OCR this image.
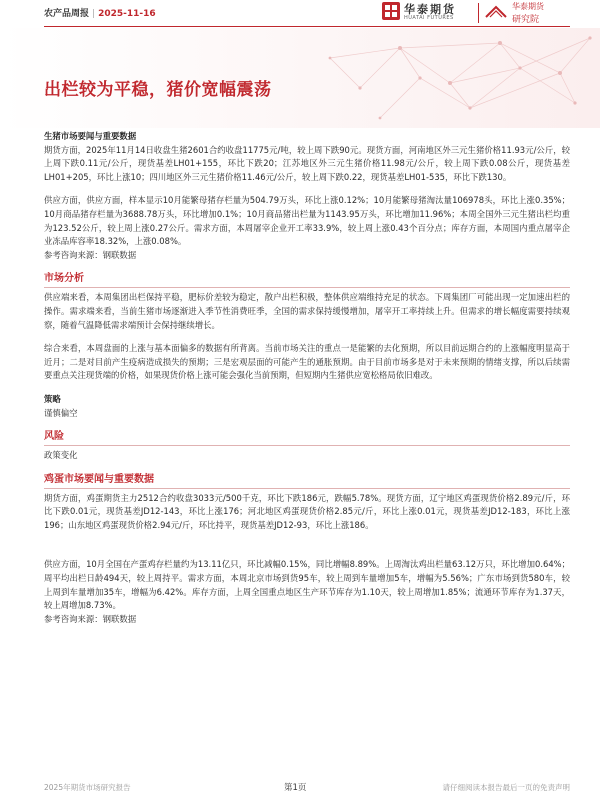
农产品周报 | 2025-11-16	华泰期货
HUATAI FUTURES
华泰期货
研究院
出栏较为平稳，猪价宽幅震荡

生猪市场要闻与重要数据

期货方面，2025年11月14日收盘生猪2601合约收盘11775元/吨，较上周下跌90元。现货方面，河南地区外三元生猪价格11.93元/公斤，较上周下跌0.11元/公斤，现货基差LH01+155，环比下跌20；江苏地区外三元生猪价格11.98元/公斤，较上周下跌0.08公斤，现货基差LH01+205，环比上涨10；四川地区外三元生猪价格11.46元/公斤，较上周下跌0.22，现货基差LH01-535，环比下跌130。

供应方面，供应方面，样本显示10月能繁母猪存栏量为504.79万头，环比上涨0.12%；10月能繁母猪淘汰量106978头，环比上涨0.35%；10月商品猪存栏量为3688.78万头，环比增加0.1%；10月商品猪出栏量为1143.95万头，环比增加11.96%；本周全国外三元生猪出栏均重为123.52公斤，较上周上涨0.27公斤。需求方面，本周屠宰企业开工率33.9%，较上周上涨0.43个百分点；库存方面，本周国内重点屠宰企业冻品库容率18.32%，上涨0.08%。

参考咨询来源：钢联数据

市场分析

供应端来看，本周集团出栏保持平稳，肥标价差较为稳定，散户出栏积极，整体供应端维持充足的状态。下周集团厂可能出现一定加速出栏的操作。需求端来看，当前生猪市场逐渐进入季节性消费旺季，全国的需求保持缓慢增加，屠宰开工率持续上升。但需求的增长幅度需要持续观察，随着气温降低需求端预计会保持继续增长。

综合来看，本周盘面的上涨与基本面偏多的数据有所背离。当前市场关注的重点一是能繁的去化预期，所以目前远期合约的上涨幅度明显高于近月；二是对目前产生疫病造成损失的预期；三是宏观层面的可能产生的通胀预期。由于目前市场多是对于未来预期的情绪支撑，所以后续需要重点关注现货端的价格，如果现货价格上涨可能会强化当前预期，但短期内生猪供应宽松格局依旧难改。

策略

谨慎偏空

风险

政策变化

鸡蛋市场要闻与重要数据

期货方面，鸡蛋期货主力2512合约收盘3033元/500千克，环比下跌186元，跌幅5.78%。现货方面，辽宁地区鸡蛋现货价格2.89元/斤，环比下跌0.01元，现货基差JD12-143，环比上涨176；河北地区鸡蛋现货价格2.85元/斤，环比上涨0.01元，现货基差JD12-183，环比上涨196；山东地区鸡蛋现货价格2.94元/斤，环比持平，现货基差JD12-93，环比上涨186。

供应方面，10月全国在产蛋鸡存栏量约为13.11亿只，环比减幅0.15%，同比增幅8.89%。上周淘汰鸡出栏量63.12万只，环比增加0.64%；周平均出栏日龄494天，较上周持平。需求方面，本周北京市场到货95车，较上周到车量增加5车，增幅为5.56%；广东市场到货580车，较上周到车量增加35车，增幅为6.42%。库存方面，上周全国重点地区生产环节库存为1.10天，较上周增加1.85%；流通环节库存为1.37天，较上周增加8.73%。

参考咨询来源：钢联数据

2025年期货市场研究报告	第1页	请仔细阅读本报告最后一页的免责声明
